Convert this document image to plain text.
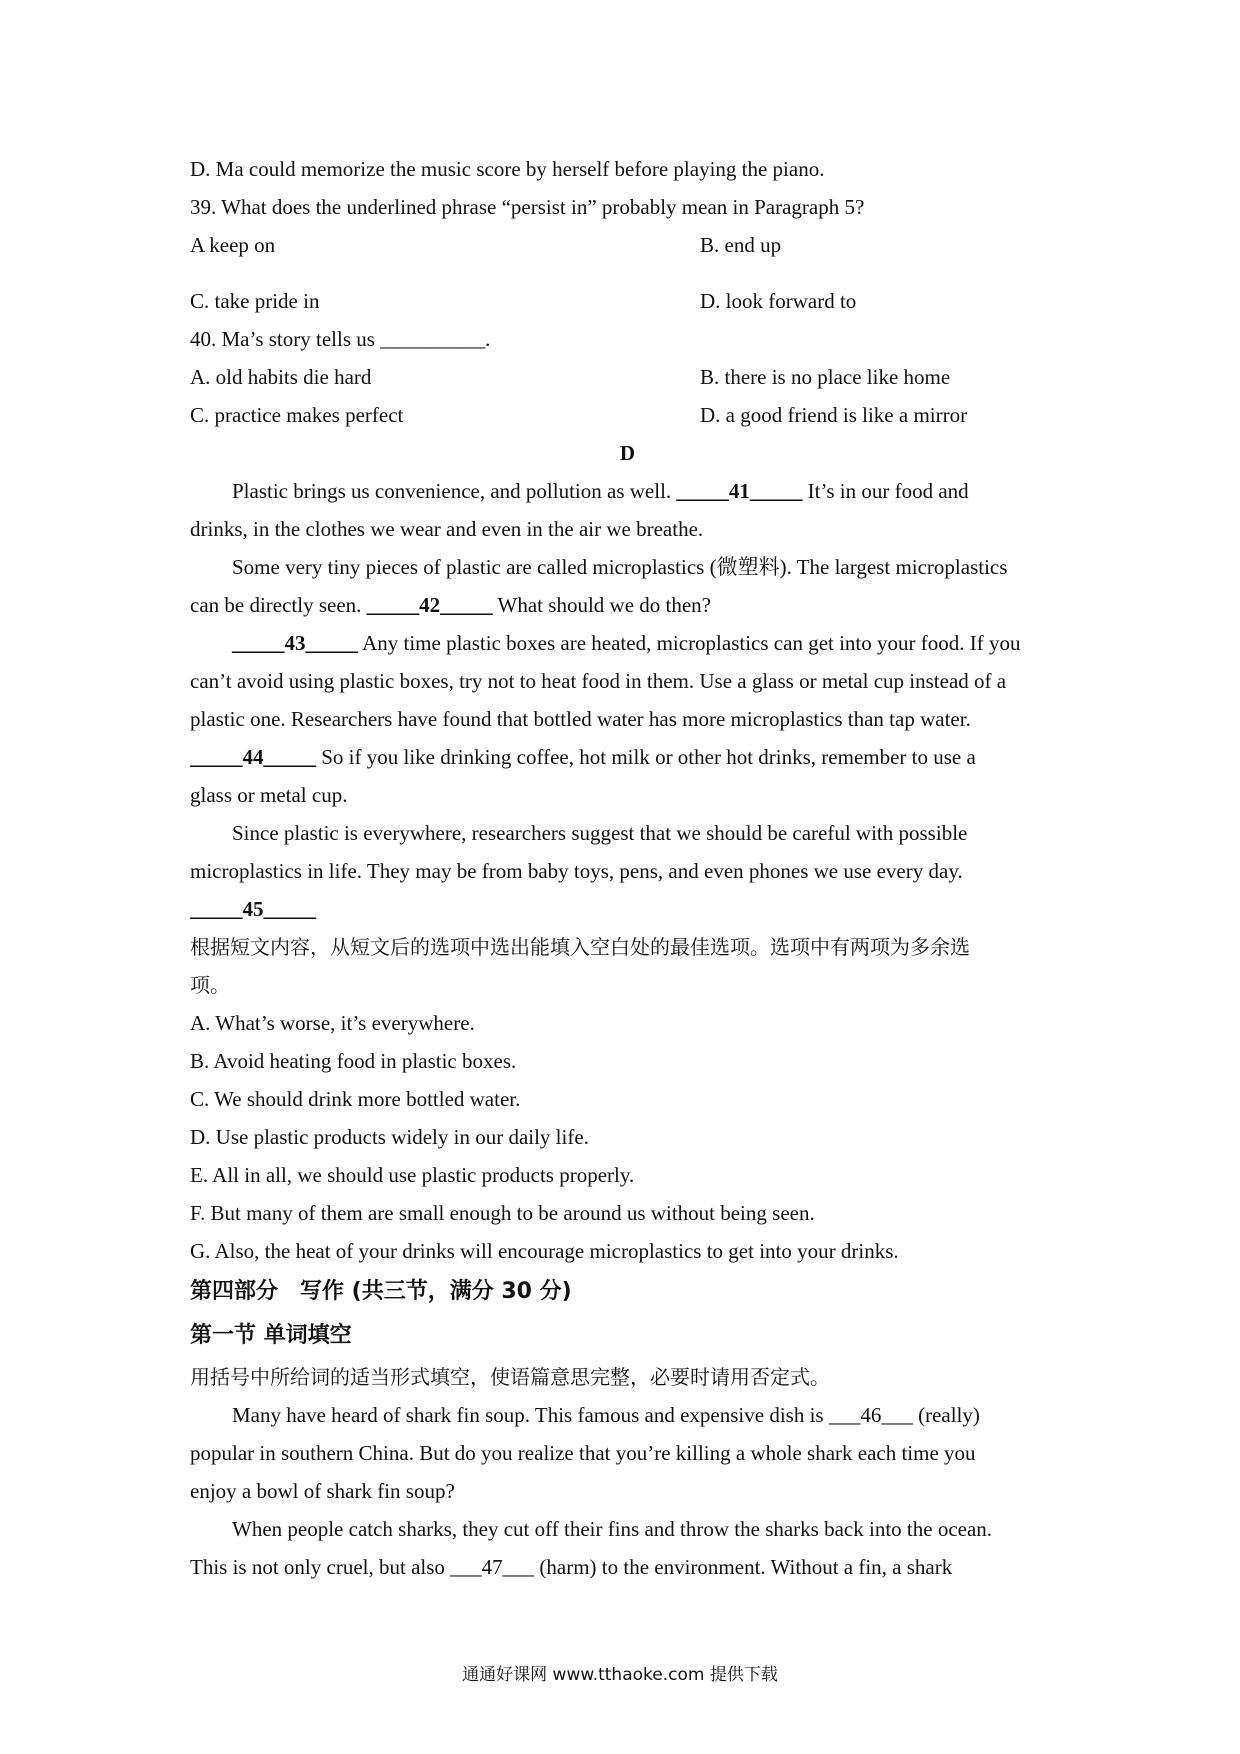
D. Ma could memorize the music score by herself before playing the piano.
39. What does the underlined phrase “persist in” probably mean in Paragraph 5?
A keep on	B. end up
C. take pride in	D. look forward to
40. Ma’s story tells us __________.
A. old habits die hard	B. there is no place like home
C. practice makes perfect	D. a good friend is like a mirror
D
Plastic brings us convenience, and pollution as well. _____41_____ It’s in our food and
drinks, in the clothes we wear and even in the air we breathe.
Some very tiny pieces of plastic are called microplastics (微塑料). The largest microplastics
can be directly seen. _____42_____ What should we do then?
_____43_____ Any time plastic boxes are heated, microplastics can get into your food. If you
can’t avoid using plastic boxes, try not to heat food in them. Use a glass or metal cup instead of a
plastic one. Researchers have found that bottled water has more microplastics than tap water.
_____44_____ So if you like drinking coffee, hot milk or other hot drinks, remember to use a
glass or metal cup.
Since plastic is everywhere, researchers suggest that we should be careful with possible
microplastics in life. They may be from baby toys, pens, and even phones we use every day.
_____45_____
根据短文内容，从短文后的选项中选出能填入空白处的最佳选项。选项中有两项为多余选
项。
A. What’s worse, it’s everywhere.
B. Avoid heating food in plastic boxes.
C. We should drink more bottled water.
D. Use plastic products widely in our daily life.
E. All in all, we should use plastic products properly.
F. But many of them are small enough to be around us without being seen.
G. Also, the heat of your drinks will encourage microplastics to get into your drinks.
第四部分　写作 (共三节，满分 30 分)
第一节 单词填空
用括号中所给词的适当形式填空，使语篇意思完整，必要时请用否定式。
Many have heard of shark fin soup. This famous and expensive dish is ___46___ (really)
popular in southern China. But do you realize that you’re killing a whole shark each time you
enjoy a bowl of shark fin soup?
When people catch sharks, they cut off their fins and throw the sharks back into the ocean.
This is not only cruel, but also ___47___ (harm) to the environment. Without a fin, a shark
通通好课网 www.tthaoke.com 提供下载
